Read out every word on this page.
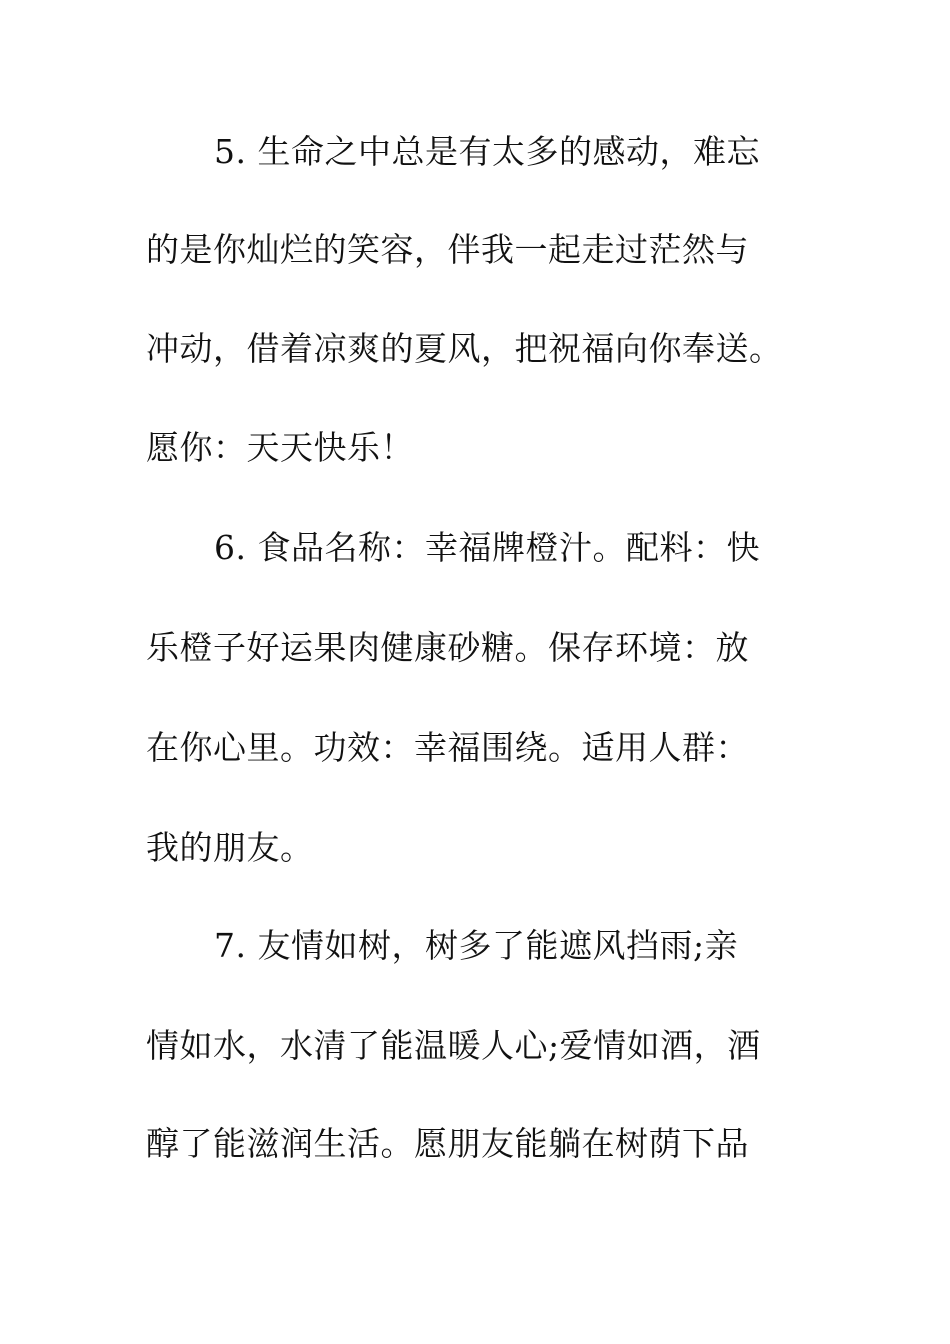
5. 生命之中总是有太多的感动，难忘
的是你灿烂的笑容，伴我一起走过茫然与
冲动，借着凉爽的夏风，把祝福向你奉送。
愿你：天天快乐！
6. 食品名称：幸福牌橙汁。配料：快
乐橙子好运果肉健康砂糖。保存环境：放
在你心里。功效：幸福围绕。适用人群：
我的朋友。
7. 友情如树，树多了能遮风挡雨;亲
情如水，水清了能温暖人心;爱情如酒，酒
醇了能滋润生活。愿朋友能躺在树荫下品
